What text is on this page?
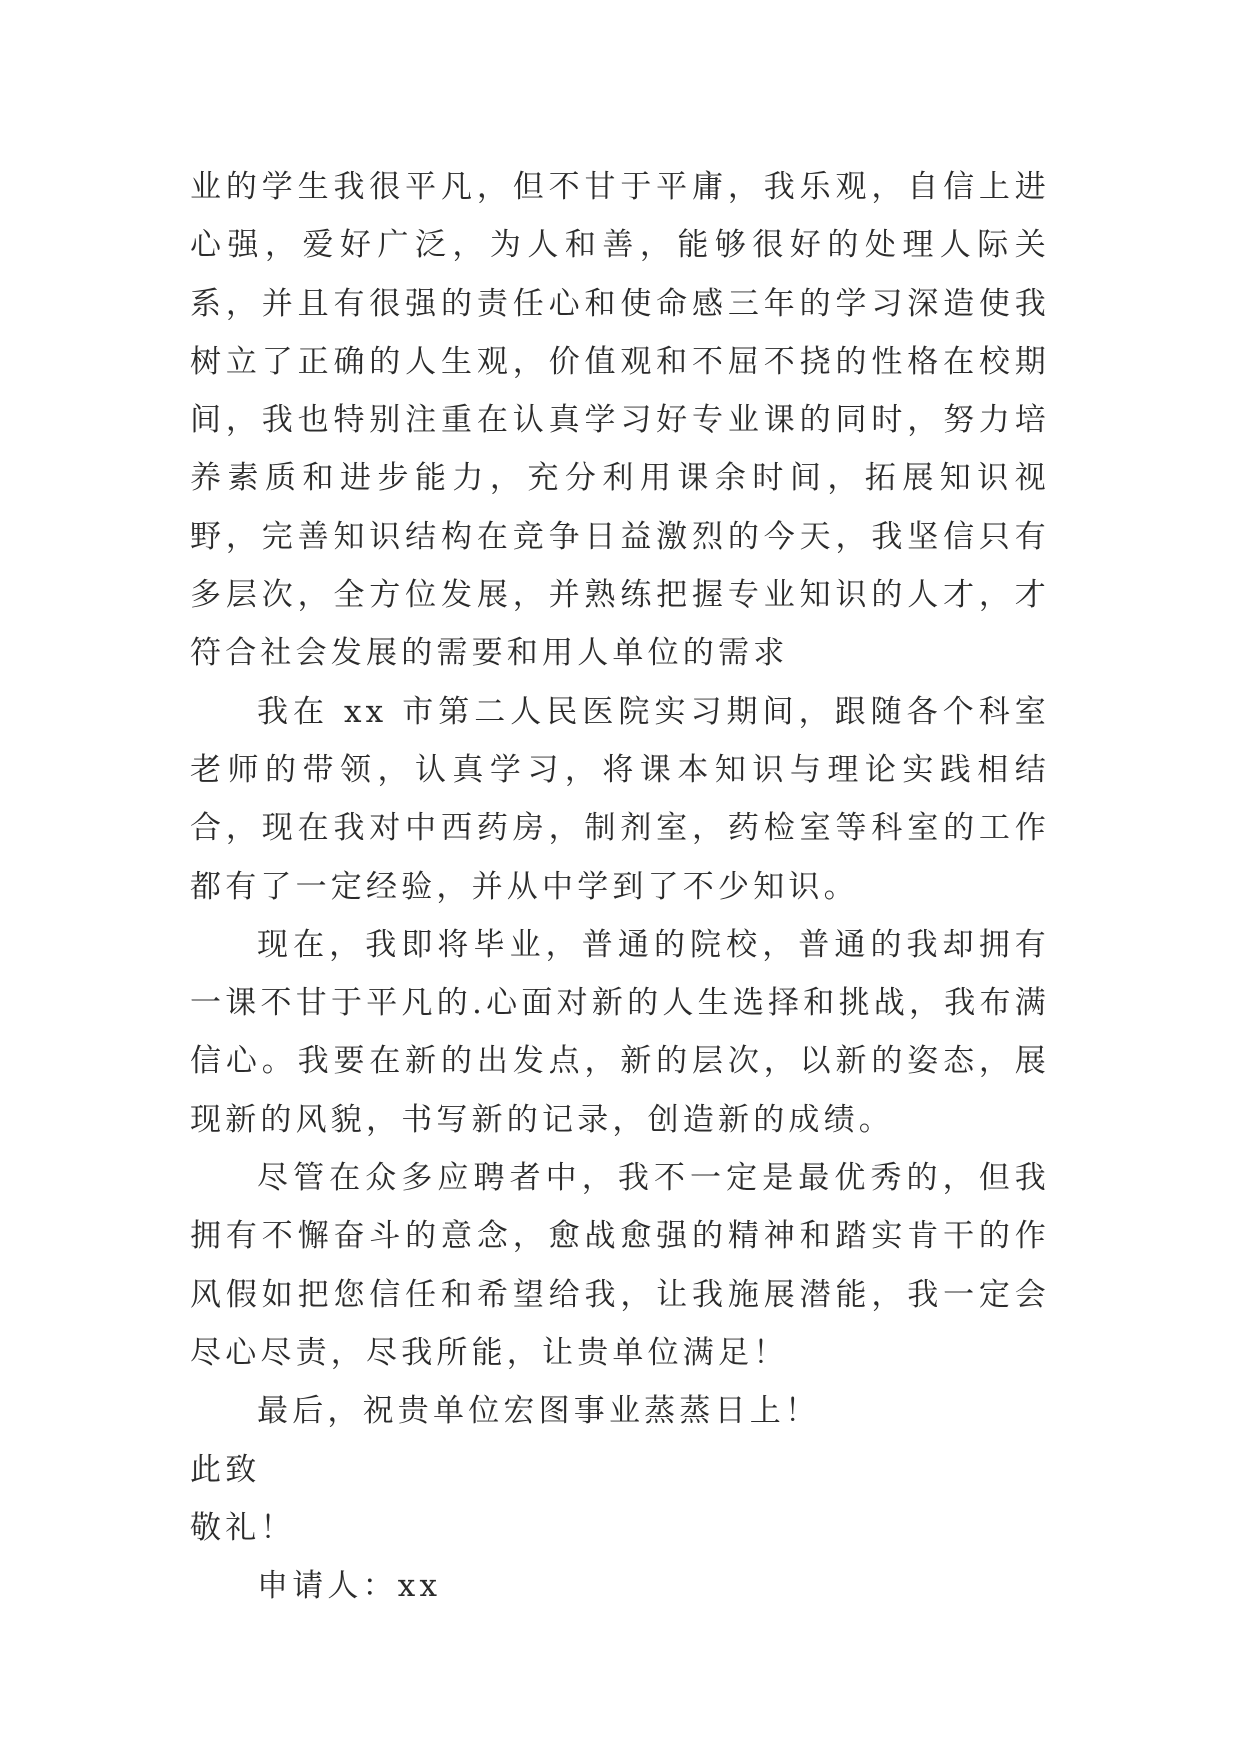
业的学生我很平凡，但不甘于平庸，我乐观，自信上进心强，爱好广泛，为人和善，能够很好的处理人际关系，并且有很强的责任心和使命感三年的学习深造使我树立了正确的人生观，价值观和不屈不挠的性格在校期间，我也特别注重在认真学习好专业课的同时，努力培养素质和进步能力，充分利用课余时间，拓展知识视野，完善知识结构在竞争日益激烈的今天，我坚信只有多层次，全方位发展，并熟练把握专业知识的人才，才符合社会发展的需要和用人单位的需求

我在 xx 市第二人民医院实习期间，跟随各个科室老师的带领，认真学习，将课本知识与理论实践相结合，现在我对中西药房，制剂室，药检室等科室的工作都有了一定经验，并从中学到了不少知识。

现在，我即将毕业，普通的院校，普通的我却拥有一课不甘于平凡的.心面对新的人生选择和挑战，我布满信心。我要在新的出发点，新的层次，以新的姿态，展现新的风貌，书写新的记录，创造新的成绩。

尽管在众多应聘者中，我不一定是最优秀的，但我拥有不懈奋斗的意念，愈战愈强的精神和踏实肯干的作风假如把您信任和希望给我，让我施展潜能，我一定会尽心尽责，尽我所能，让贵单位满足！

最后，祝贵单位宏图事业蒸蒸日上！

此致

敬礼！

申请人：xx
